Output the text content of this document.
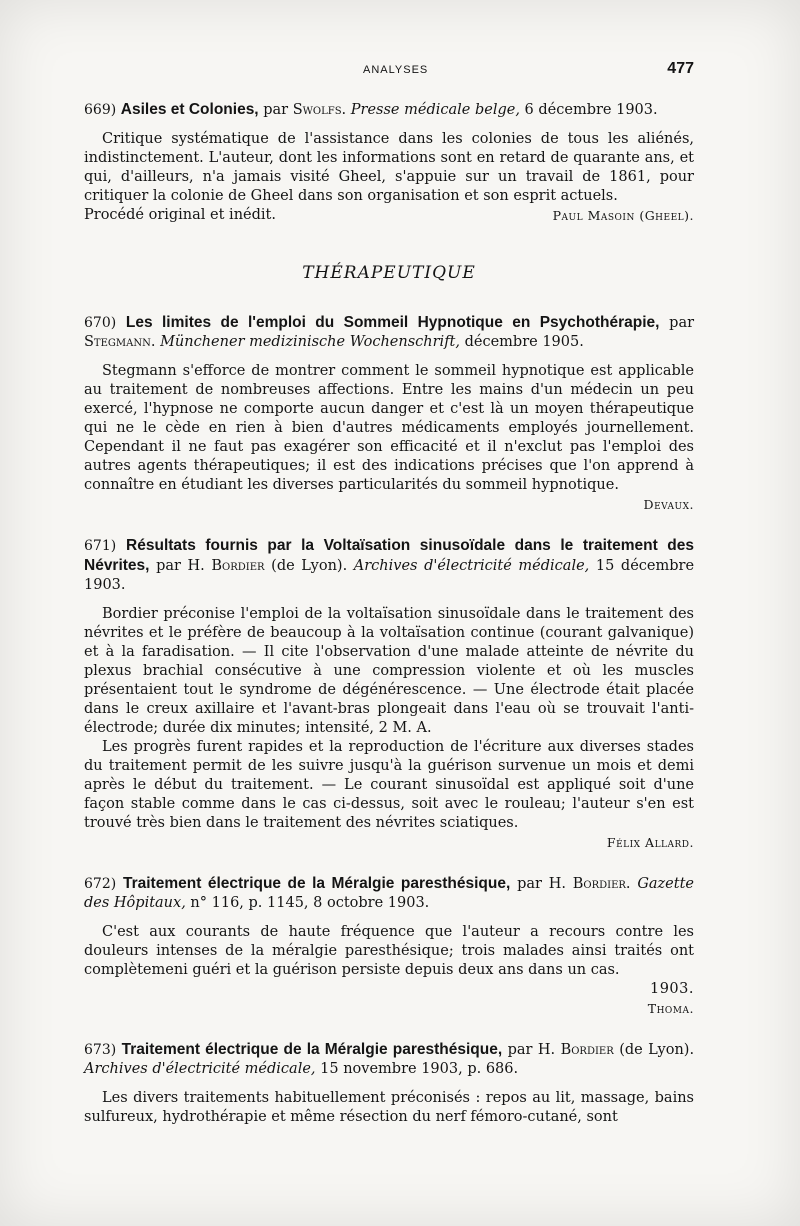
ANALYSES	477
669) Asiles et Colonies, par Swolfs. Presse médicale belge, 6 décembre 1903.

Critique systématique de l'assistance dans les colonies de tous les aliénés, indistinctement. L'auteur, dont les informations sont en retard de quarante ans, et qui, d'ailleurs, n'a jamais visité Gheel, s'appuie sur un travail de 1861, pour critiquer la colonie de Gheel dans son organisation et son esprit actuels.

Procédé original et inédit.	Paul Masoin (Gheel).
THÉRAPEUTIQUE
670) Les limites de l'emploi du Sommeil Hypnotique en Psychothérapie, par Stegmann. Münchener medizinische Wochenschrift, décembre 1905.

Stegmann s'efforce de montrer comment le sommeil hypnotique est applicable au traitement de nombreuses affections. Entre les mains d'un médecin un peu exercé, l'hypnose ne comporte aucun danger et c'est là un moyen thérapeutique qui ne le cède en rien à bien d'autres médicaments employés journellement. Cependant il ne faut pas exagérer son efficacité et il n'exclut pas l'emploi des autres agents thérapeutiques; il est des indications précises que l'on apprend à connaître en étudiant les diverses particularités du sommeil hypnotique.

Devaux.
671) Résultats fournis par la Voltaïsation sinusoïdale dans le traitement des Névrites, par H. Bordier (de Lyon). Archives d'électricité médicale, 15 décembre 1903.

Bordier préconise l'emploi de la voltaïsation sinusoïdale dans le traitement des névrites et le préfère de beaucoup à la voltaïsation continue (courant galvanique) et à la faradisation. — Il cite l'observation d'une malade atteinte de névrite du plexus brachial consécutive à une compression violente et où les muscles présentaient tout le syndrome de dégénérescence. — Une électrode était placée dans le creux axillaire et l'avant-bras plongeait dans l'eau où se trouvait l'anti-électrode; durée dix minutes; intensité, 2 M. A.

Les progrès furent rapides et la reproduction de l'écriture aux diverses stades du traitement permit de les suivre jusqu'à la guérison survenue un mois et demi après le début du traitement. — Le courant sinusoïdal est appliqué soit d'une façon stable comme dans le cas ci-dessus, soit avec le rouleau; l'auteur s'en est trouvé très bien dans le traitement des névrites sciatiques.

Félix Allard.
672) Traitement électrique de la Méralgie paresthésique, par H. Bordier. Gazette des Hôpitaux, n° 116, p. 1145, 8 octobre 1903.

C'est aux courants de haute fréquence que l'auteur a recours contre les douleurs intenses de la méralgie paresthésique; trois malades ainsi traités ont complètemeni guéri et la guérison persiste depuis deux ans dans un cas.

1903.
Thoma.
673) Traitement électrique de la Méralgie paresthésique, par H. Bordier (de Lyon). Archives d'électricité médicale, 15 novembre 1903, p. 686.

Les divers traitements habituellement préconisés : repos au lit, massage, bains sulfureux, hydrothérapie et même résection du nerf fémoro-cutané, sont
